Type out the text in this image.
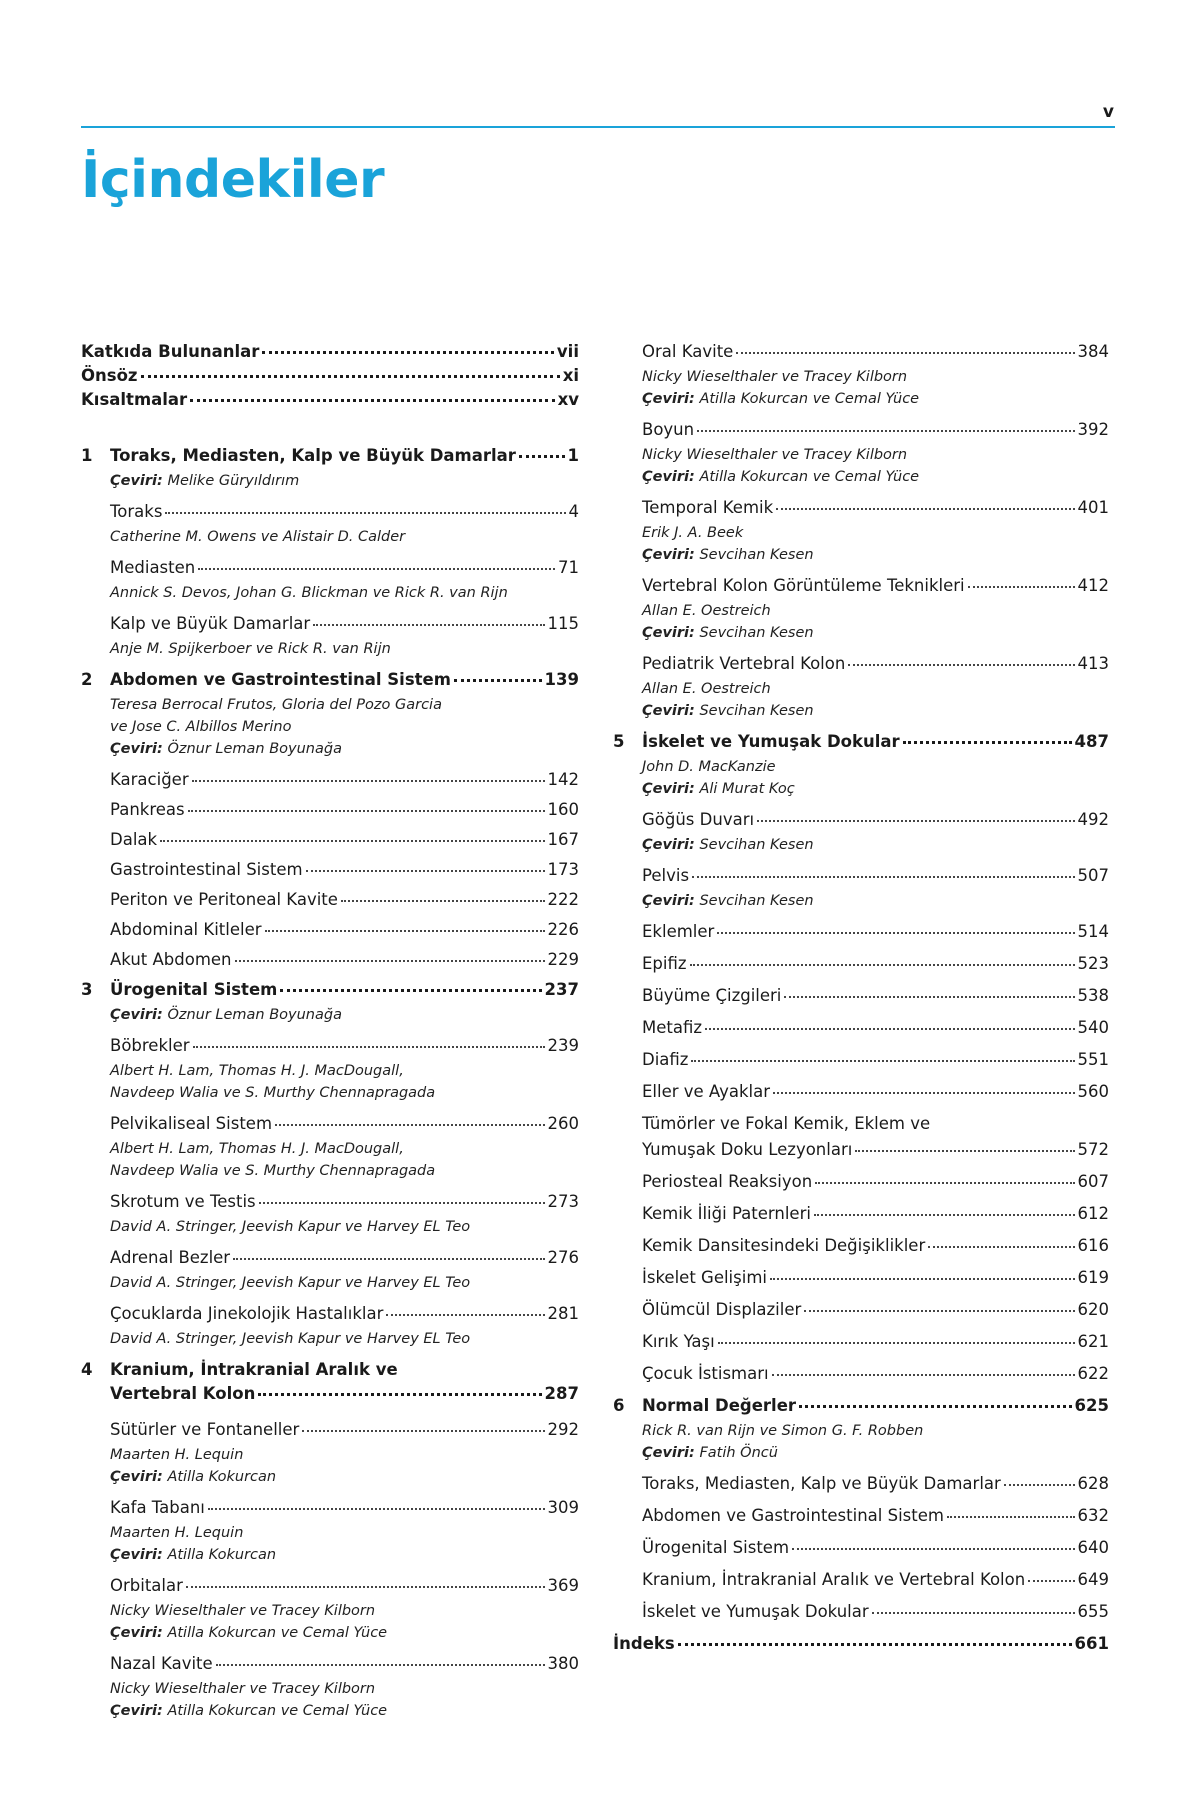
v
İçindekiler
Katkıda Bulunanlar	vii
Önsöz	xi
Kısaltmalar	xv
1	Toraks, Mediasten, Kalp ve Büyük Damarlar	1
Çeviri: Melike Güryıldırım
Toraks	4
Catherine M. Owens ve Alistair D. Calder
Mediasten	71
Annick S. Devos, Johan G. Blickman ve Rick R. van Rijn
Kalp ve Büyük Damarlar	115
Anje M. Spijkerboer ve Rick R. van Rijn
2	Abdomen ve Gastrointestinal Sistem	139
Teresa Berrocal Frutos, Gloria del Pozo Garcia
ve Jose C. Albillos Merino
Çeviri: Öznur Leman Boyunağa
Karaciğer	142
Pankreas	160
Dalak	167
Gastrointestinal Sistem	173
Periton ve Peritoneal Kavite	222
Abdominal Kitleler	226
Akut Abdomen	229
3	Ürogenital Sistem	237
Çeviri: Öznur Leman Boyunağa
Böbrekler	239
Albert H. Lam, Thomas H. J. MacDougall,
Navdeep Walia ve S. Murthy Chennapragada
Pelvikaliseal Sistem	260
Albert H. Lam, Thomas H. J. MacDougall,
Navdeep Walia ve S. Murthy Chennapragada
Skrotum ve Testis	273
David A. Stringer, Jeevish Kapur ve Harvey EL Teo
Adrenal Bezler	276
David A. Stringer, Jeevish Kapur ve Harvey EL Teo
Çocuklarda Jinekolojik Hastalıklar	281
David A. Stringer, Jeevish Kapur ve Harvey EL Teo
4	Kranium, İntrakranial Aralık ve
Vertebral Kolon	287
Sütürler ve Fontaneller	292
Maarten H. Lequin
Çeviri: Atilla Kokurcan
Kafa Tabanı	309
Maarten H. Lequin
Çeviri: Atilla Kokurcan
Orbitalar	369
Nicky Wieselthaler ve Tracey Kilborn
Çeviri: Atilla Kokurcan ve Cemal Yüce
Nazal Kavite	380
Nicky Wieselthaler ve Tracey Kilborn
Çeviri: Atilla Kokurcan ve Cemal Yüce
Oral Kavite	384
Nicky Wieselthaler ve Tracey Kilborn
Çeviri: Atilla Kokurcan ve Cemal Yüce
Boyun	392
Nicky Wieselthaler ve Tracey Kilborn
Çeviri: Atilla Kokurcan ve Cemal Yüce
Temporal Kemik	401
Erik J. A. Beek
Çeviri: Sevcihan Kesen
Vertebral Kolon Görüntüleme Teknikleri	412
Allan E. Oestreich
Çeviri: Sevcihan Kesen
Pediatrik Vertebral Kolon	413
Allan E. Oestreich
Çeviri: Sevcihan Kesen
5	İskelet ve Yumuşak Dokular	487
John D. MacKanzie
Çeviri: Ali Murat Koç
Göğüs Duvarı	492
Çeviri: Sevcihan Kesen
Pelvis	507
Çeviri: Sevcihan Kesen
Eklemler	514
Epifiz	523
Büyüme Çizgileri	538
Metafiz	540
Diafiz	551
Eller ve Ayaklar	560
Tümörler ve Fokal Kemik, Eklem ve
Yumuşak Doku Lezyonları	572
Periosteal Reaksiyon	607
Kemik İliği Paternleri	612
Kemik Dansitesindeki Değişiklikler	616
İskelet Gelişimi	619
Ölümcül Displaziler	620
Kırık Yaşı	621
Çocuk İstismarı	622
6	Normal Değerler	625
Rick R. van Rijn ve Simon G. F. Robben
Çeviri: Fatih Öncü
Toraks, Mediasten, Kalp ve Büyük Damarlar	628
Abdomen ve Gastrointestinal Sistem	632
Ürogenital Sistem	640
Kranium, İntrakranial Aralık ve Vertebral Kolon	649
İskelet ve Yumuşak Dokular	655
İndeks	661
